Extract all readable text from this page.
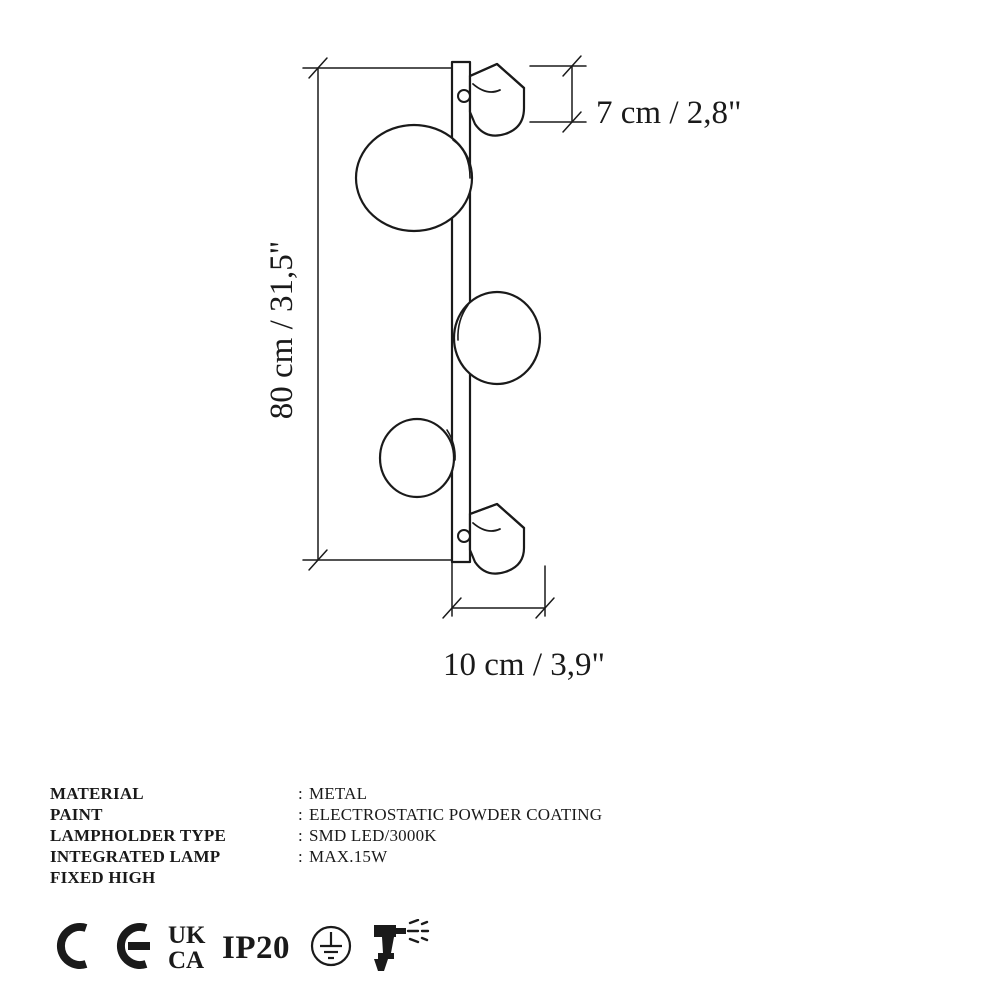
80 cm / 31,5"
7 cm / 2,8"
10 cm / 3,9"
MATERIAL	: METAL
PAINT	: ELECTROSTATIC POWDER COATING
LAMPHOLDER TYPE	: SMD LED/3000K
INTEGRATED LAMP	: MAX.15W
FIXED HIGH
UK
CA IP20
